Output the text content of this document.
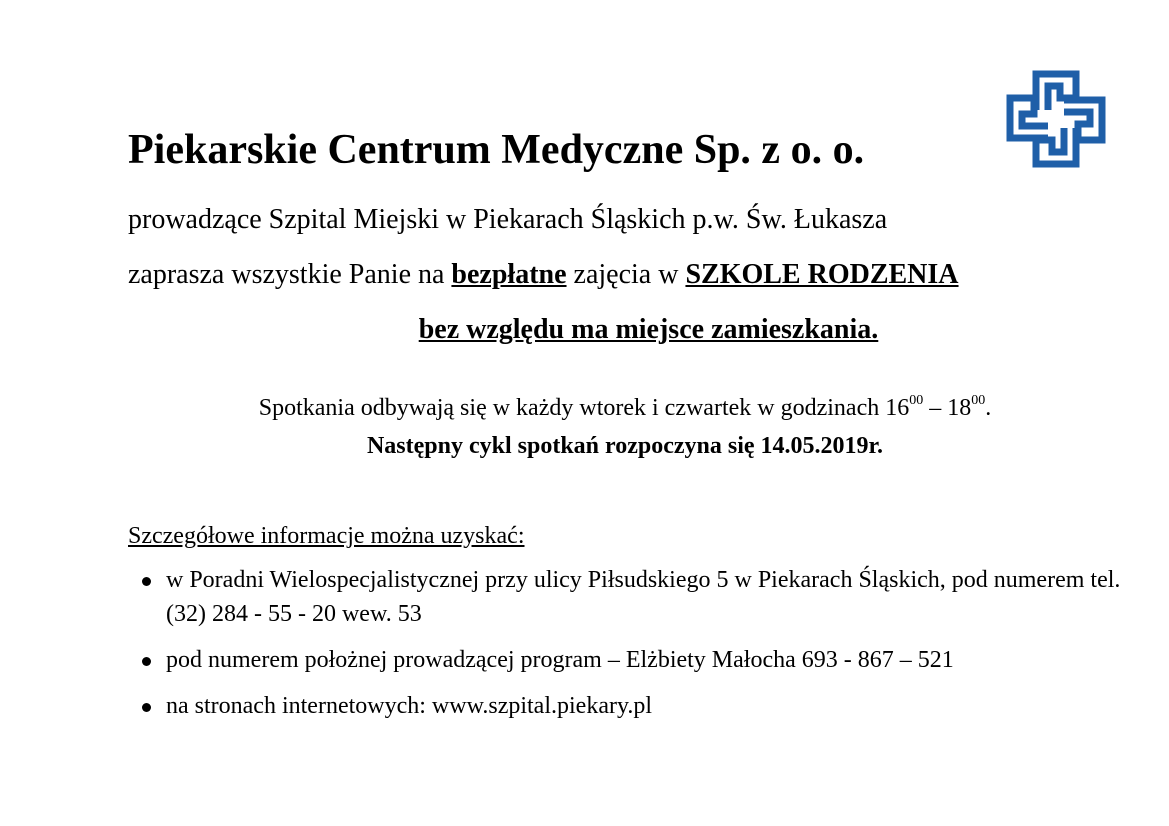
Piekarskie Centrum Medyczne Sp. z o. o.
prowadzące Szpital Miejski w Piekarach Śląskich p.w. Św. Łukasza
zaprasza wszystkie Panie na bezpłatne zajęcia w SZKOLE RODZENIA
bez względu ma miejsce zamieszkania.
Spotkania odbywają się w każdy wtorek i czwartek w godzinach $16^{00} - 18^{00}$.
Następny cykl spotkań rozpoczyna się 14.05.2019r.
Szczegółowe informacje można uzyskać:
w Poradni Wielospecjalistycznej przy ulicy Piłsudskiego 5 w Piekarach Śląskich, pod numerem tel. (32) 284 - 55 - 20 wew. 53
pod numerem położnej prowadzącej program – Elżbiety Małocha 693 - 867 – 521
na stronach internetowych: www.szpital.piekary.pl
